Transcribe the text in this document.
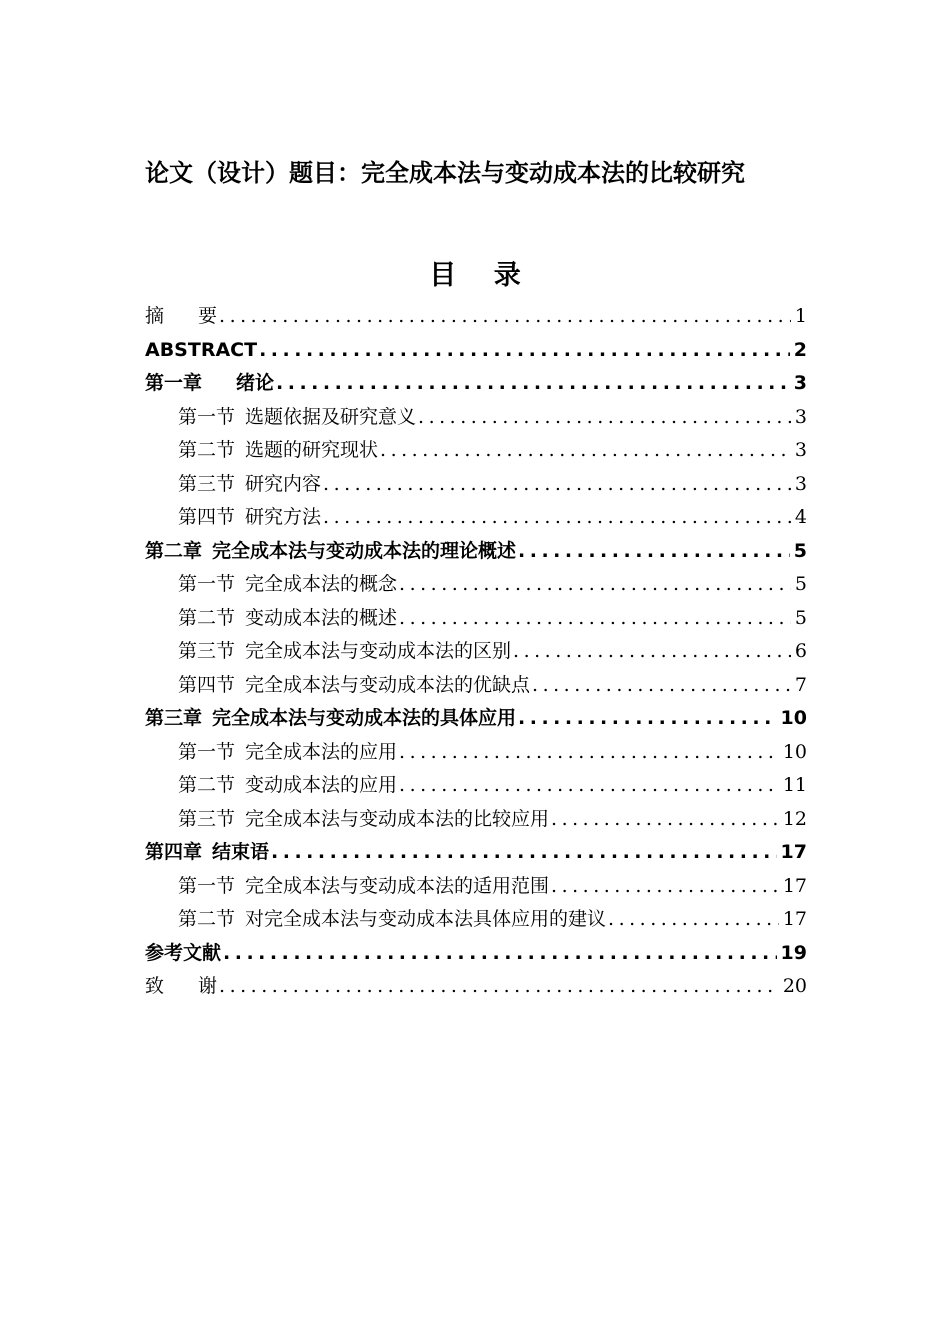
论文（设计）题目：完全成本法与变动成本法的比较研究
目 录
摘 要 .....	1
ABSTRACT .....	2
第一章 绪论 .....	3
第一节 选题依据及研究意义 .....	3
第二节 选题的研究现状 .....	3
第三节 研究内容 .....	3
第四节 研究方法 .....	4
第二章 完全成本法与变动成本法的理论概述 .....	5
第一节 完全成本法的概念 .....	5
第二节 变动成本法的概述 .....	5
第三节 完全成本法与变动成本法的区别 .....	6
第四节 完全成本法与变动成本法的优缺点 .....	7
第三章 完全成本法与变动成本法的具体应用 .....	10
第一节 完全成本法的应用 .....	10
第二节 变动成本法的应用 .....	11
第三节 完全成本法与变动成本法的比较应用 .....	12
第四章 结束语 .....	17
第一节 完全成本法与变动成本法的适用范围 .....	17
第二节 对完全成本法与变动成本法具体应用的建议 .....	17
参考文献 .....	19
致 谢 .....	20
